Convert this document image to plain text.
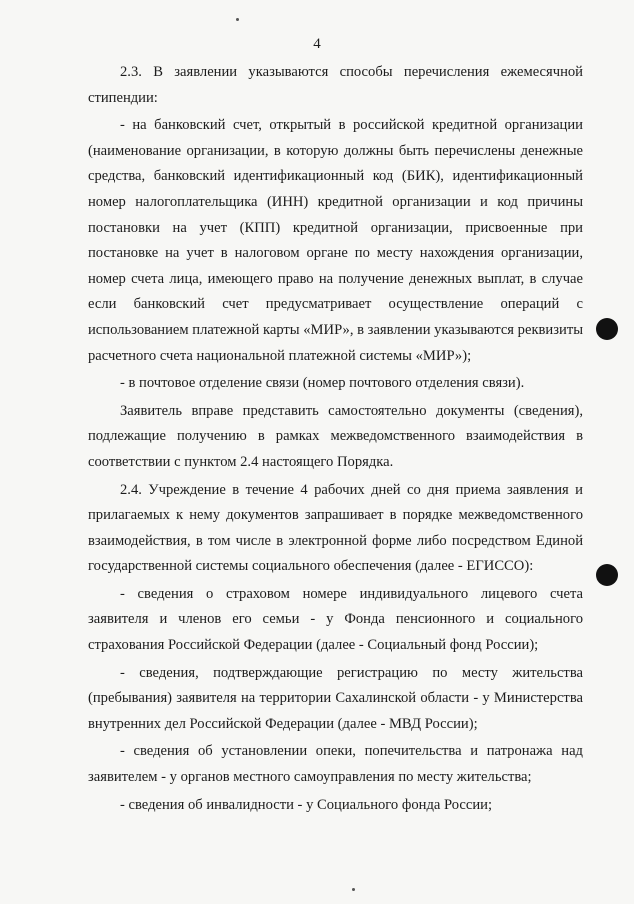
4

2.3. В заявлении указываются способы перечисления ежемесячной стипендии:

- на банковский счет, открытый в российской кредитной организации (наименование организации, в которую должны быть перечислены денежные средства, банковский идентификационный код (БИК), идентификационный номер налогоплательщика (ИНН) кредитной организации и код причины постановки на учет (КПП) кредитной организации, присвоенные при постановке на учет в налоговом органе по месту нахождения организации, номер счета лица, имеющего право на получение денежных выплат, в случае если банковский счет предусматривает осуществление операций с использованием платежной карты «МИР», в заявлении указываются реквизиты расчетного счета национальной платежной системы «МИР»);

- в почтовое отделение связи (номер почтового отделения связи).

Заявитель вправе представить самостоятельно документы (сведения), подлежащие получению в рамках межведомственного взаимодействия в соответствии с пунктом 2.4 настоящего Порядка.

2.4. Учреждение в течение 4 рабочих дней со дня приема заявления и прилагаемых к нему документов запрашивает в порядке межведомственного взаимодействия, в том числе в электронной форме либо посредством Единой государственной системы социального обеспечения (далее - ЕГИССО):

- сведения о страховом номере индивидуального лицевого счета заявителя и членов его семьи - у Фонда пенсионного и социального страхования Российской Федерации (далее - Социальный фонд России);

- сведения, подтверждающие регистрацию по месту жительства (пребывания) заявителя на территории Сахалинской области - у Министерства внутренних дел Российской Федерации (далее - МВД России);

- сведения об установлении опеки, попечительства и патронажа над заявителем - у органов местного самоуправления по месту жительства;

- сведения об инвалидности - у Социального фонда России;
